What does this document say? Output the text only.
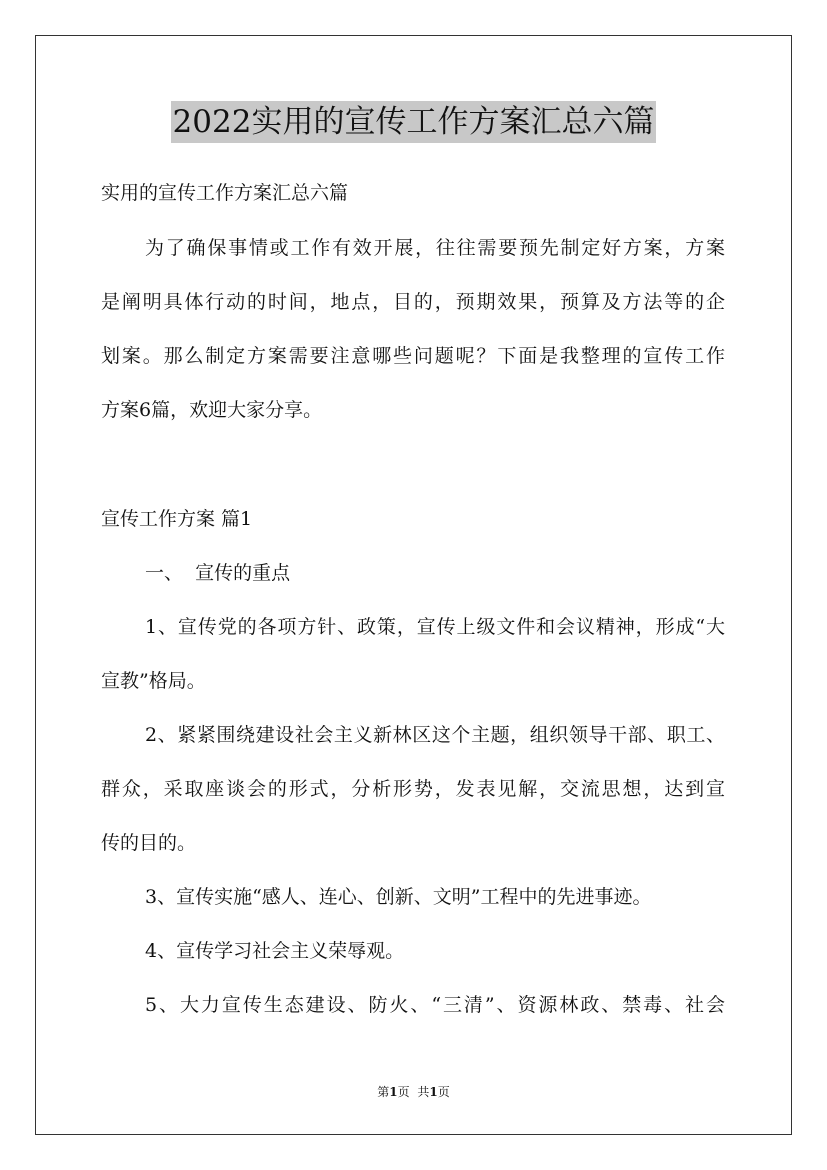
2022实用的宣传工作方案汇总六篇
实用的宣传工作方案汇总六篇
为了确保事情或工作有效开展，往往需要预先制定好方案，方案
是阐明具体行动的时间，地点，目的，预期效果，预算及方法等的企
划案。那么制定方案需要注意哪些问题呢？下面是我整理的宣传工作
方案6篇，欢迎大家分享。
宣传工作方案 篇1
一、  宣传的重点
1、宣传党的各项方针、政策，宣传上级文件和会议精神，形成“大
宣教”格局。
2、紧紧围绕建设社会主义新林区这个主题，组织领导干部、职工、
群众，采取座谈会的形式，分析形势，发表见解，交流思想，达到宣
传的目的。
3、宣传实施“感人、连心、创新、文明”工程中的先进事迹。
4、宣传学习社会主义荣辱观。
5、大力宣传生态建设、防火、“三清”、资源林政、禁毒、社会
第1页 共1页
